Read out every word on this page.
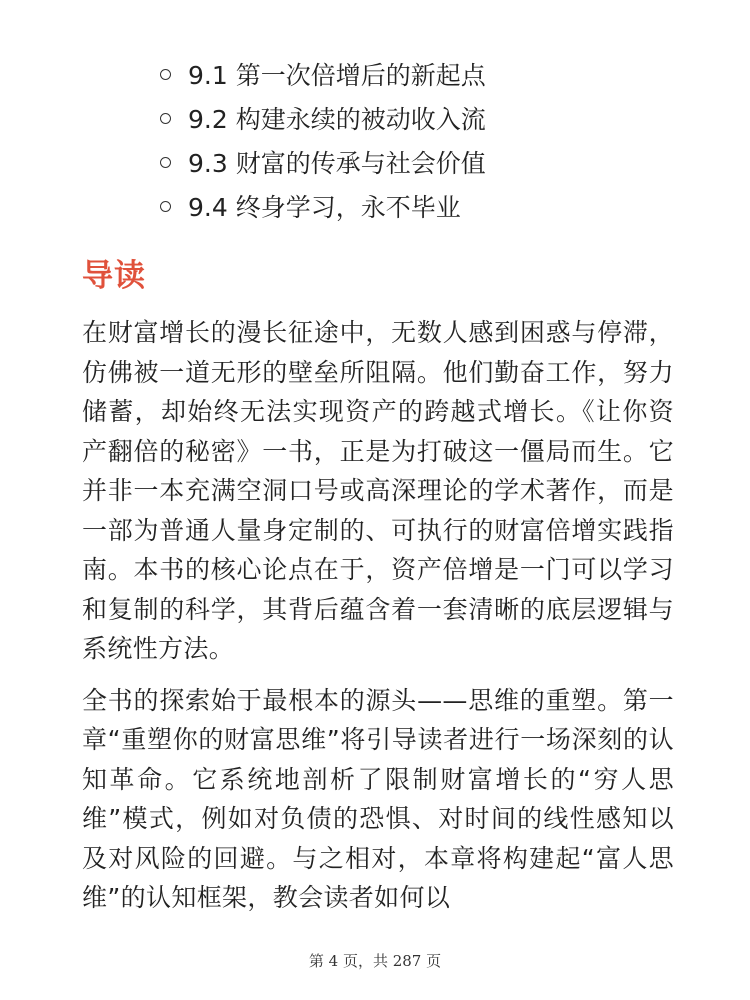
9.1 第一次倍增后的新起点
9.2 构建永续的被动收入流
9.3 财富的传承与社会价值
9.4 终身学习，永不毕业
导读

在财富增长的漫长征途中，无数人感到困惑与停滞，仿佛被一道无形的壁垒所阻隔。他们勤奋工作，努力储蓄，却始终无法实现资产的跨越式增长。《让你资产翻倍的秘密》一书，正是为打破这一僵局而生。它并非一本充满空洞口号或高深理论的学术著作，而是一部为普通人量身定制的、可执行的财富倍增实践指南。本书的核心论点在于，资产倍增是一门可以学习和复制的科学，其背后蕴含着一套清晰的底层逻辑与系统性方法。

全书的探索始于最根本的源头——思维的重塑。第一章“重塑你的财富思维”将引导读者进行一场深刻的认知革命。它系统地剖析了限制财富增长的“穷人思维”模式，例如对负债的恐惧、对时间的线性感知以及对风险的回避。与之相对，本章将构建起“富人思维”的认知框架，教会读者如何以

第 4 页，共 287 页
